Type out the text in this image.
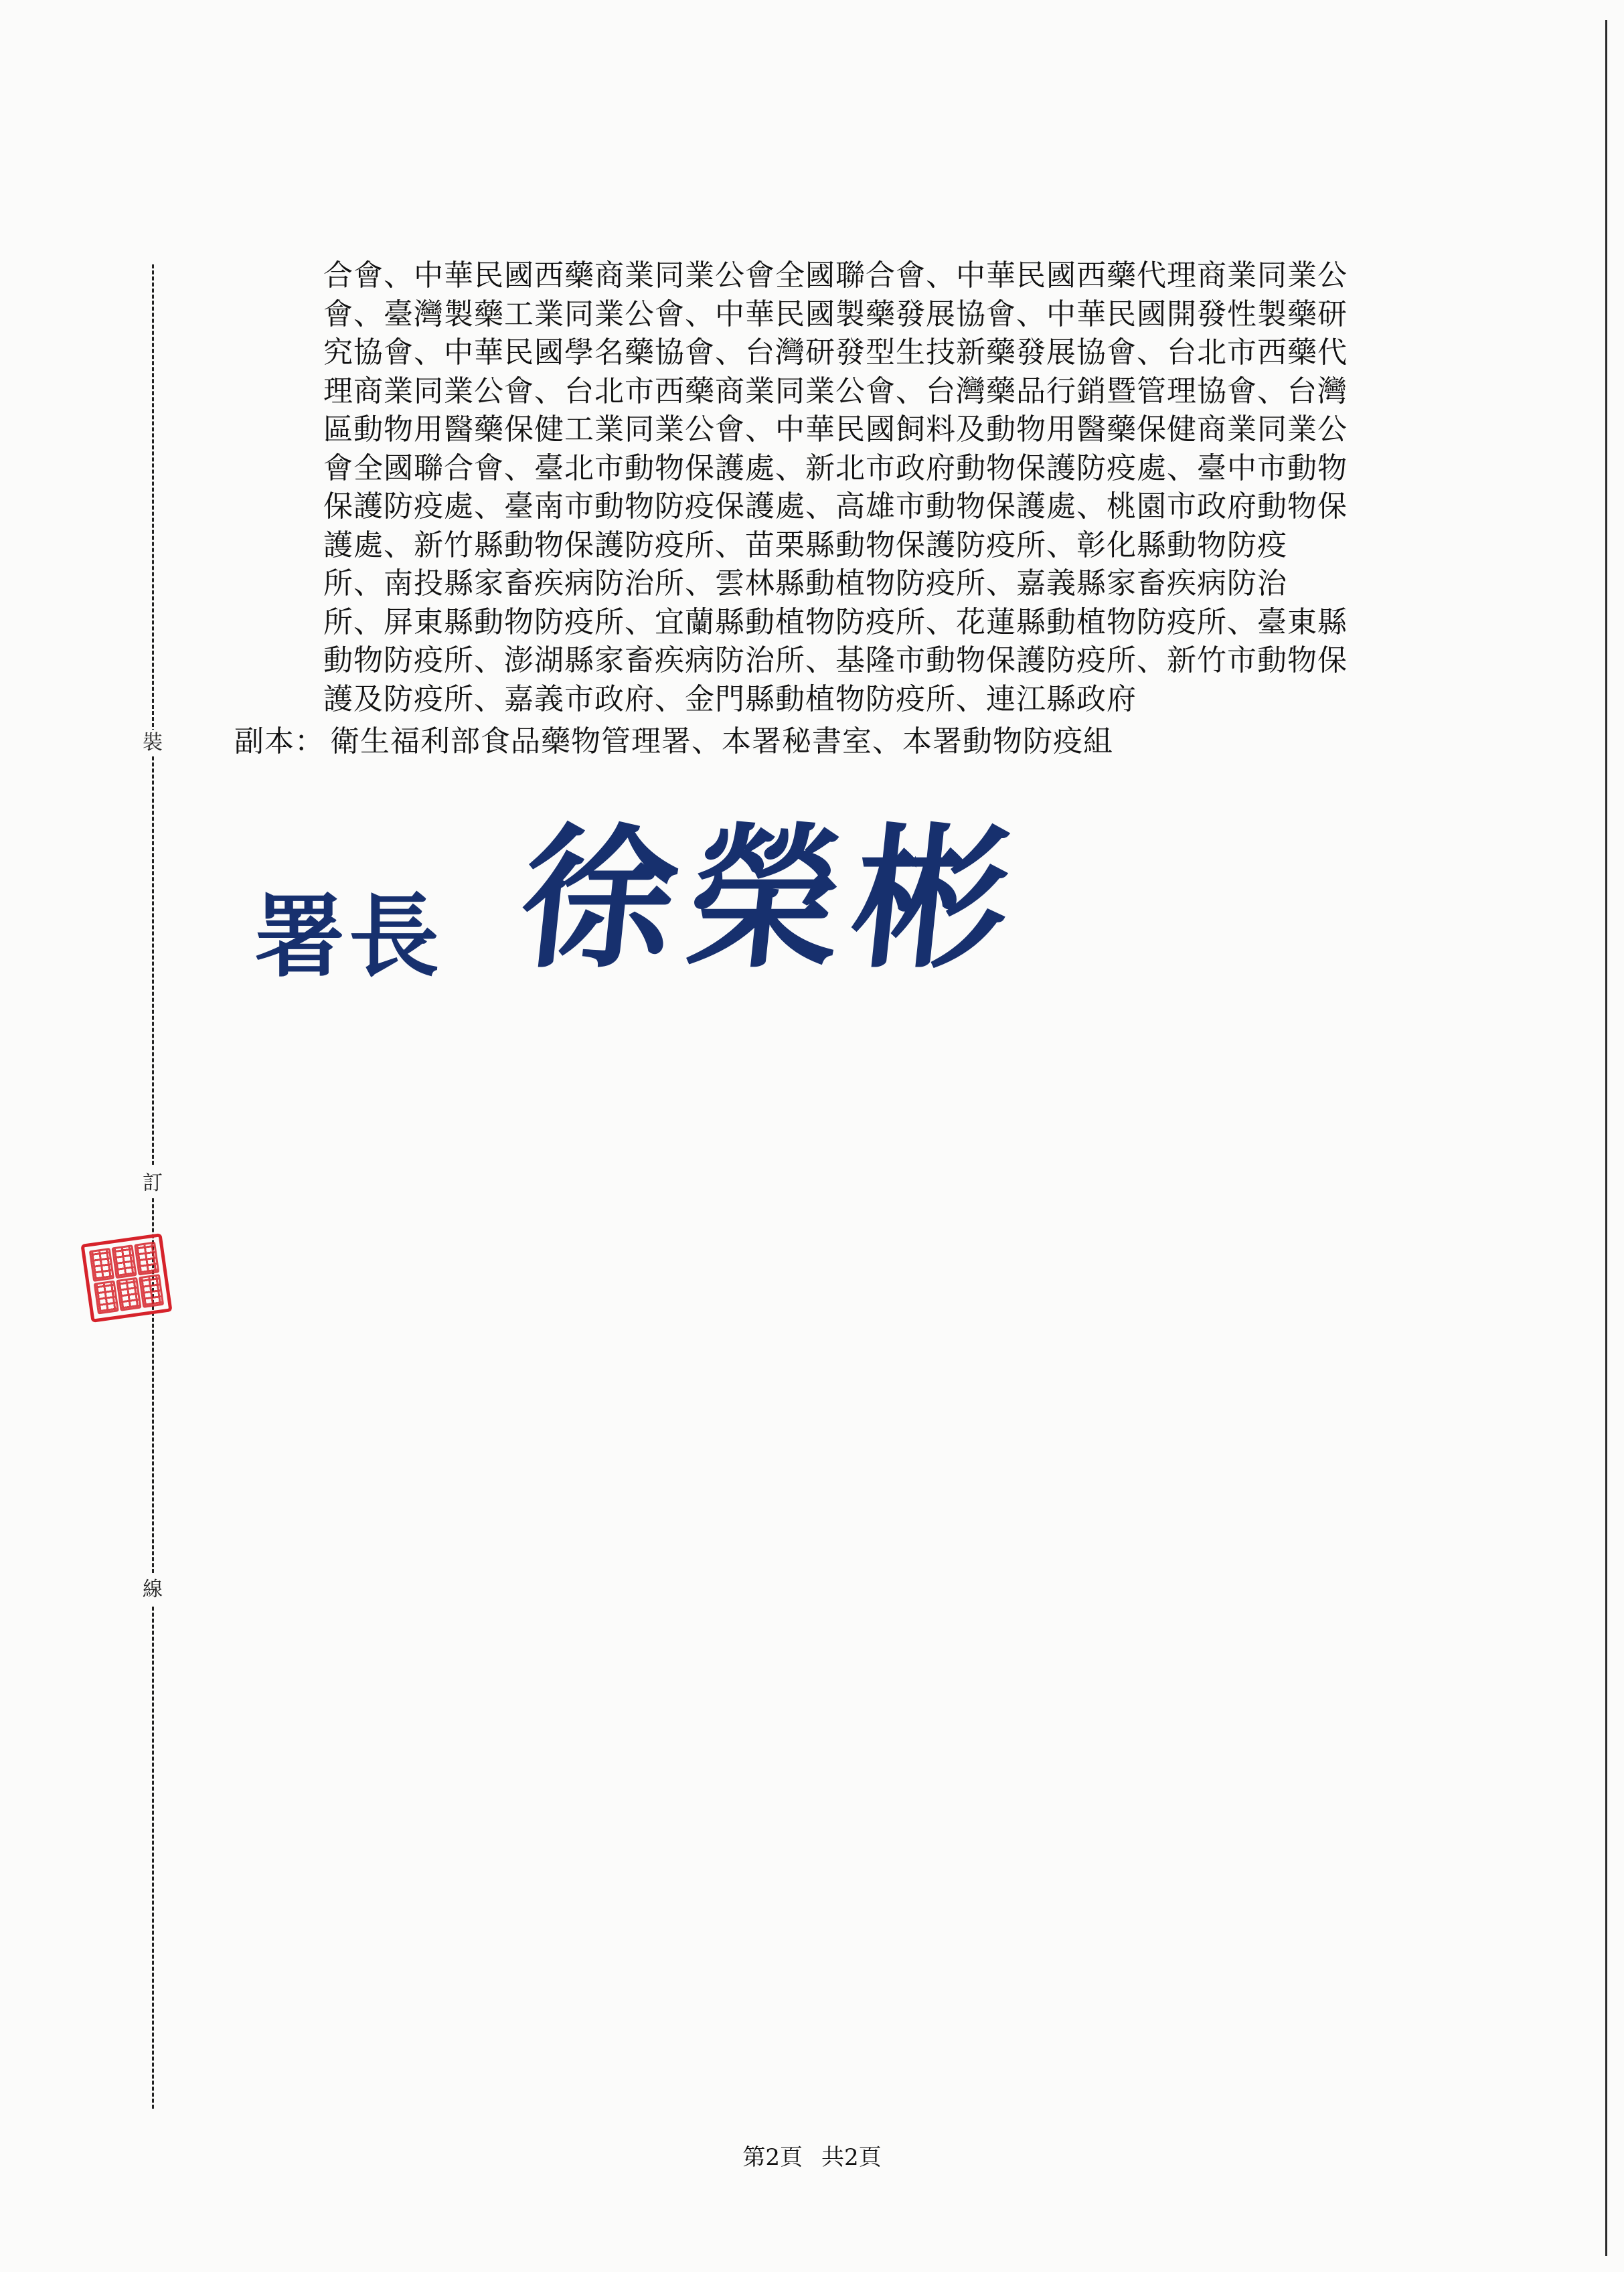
裝
訂
線
合會、中華民國西藥商業同業公會全國聯合會、中華民國西藥代理商業同業公
會、臺灣製藥工業同業公會、中華民國製藥發展協會、中華民國開發性製藥研
究協會、中華民國學名藥協會、台灣研發型生技新藥發展協會、台北市西藥代
理商業同業公會、台北市西藥商業同業公會、台灣藥品行銷暨管理協會、台灣
區動物用醫藥保健工業同業公會、中華民國飼料及動物用醫藥保健商業同業公
會全國聯合會、臺北市動物保護處、新北市政府動物保護防疫處、臺中市動物
保護防疫處、臺南市動物防疫保護處、高雄市動物保護處、桃園市政府動物保
護處、新竹縣動物保護防疫所、苗栗縣動物保護防疫所、彰化縣動物防疫
所、南投縣家畜疾病防治所、雲林縣動植物防疫所、嘉義縣家畜疾病防治
所、屏東縣動物防疫所、宜蘭縣動植物防疫所、花蓮縣動植物防疫所、臺東縣
動物防疫所、澎湖縣家畜疾病防治所、基隆市動物保護防疫所、新竹市動物保
護及防疫所、嘉義市政府、金門縣動植物防疫所、連江縣政府
副本： 衛生福利部食品藥物管理署、本署秘書室、本署動物防疫組
署長 徐榮彬
第2頁 共2頁
